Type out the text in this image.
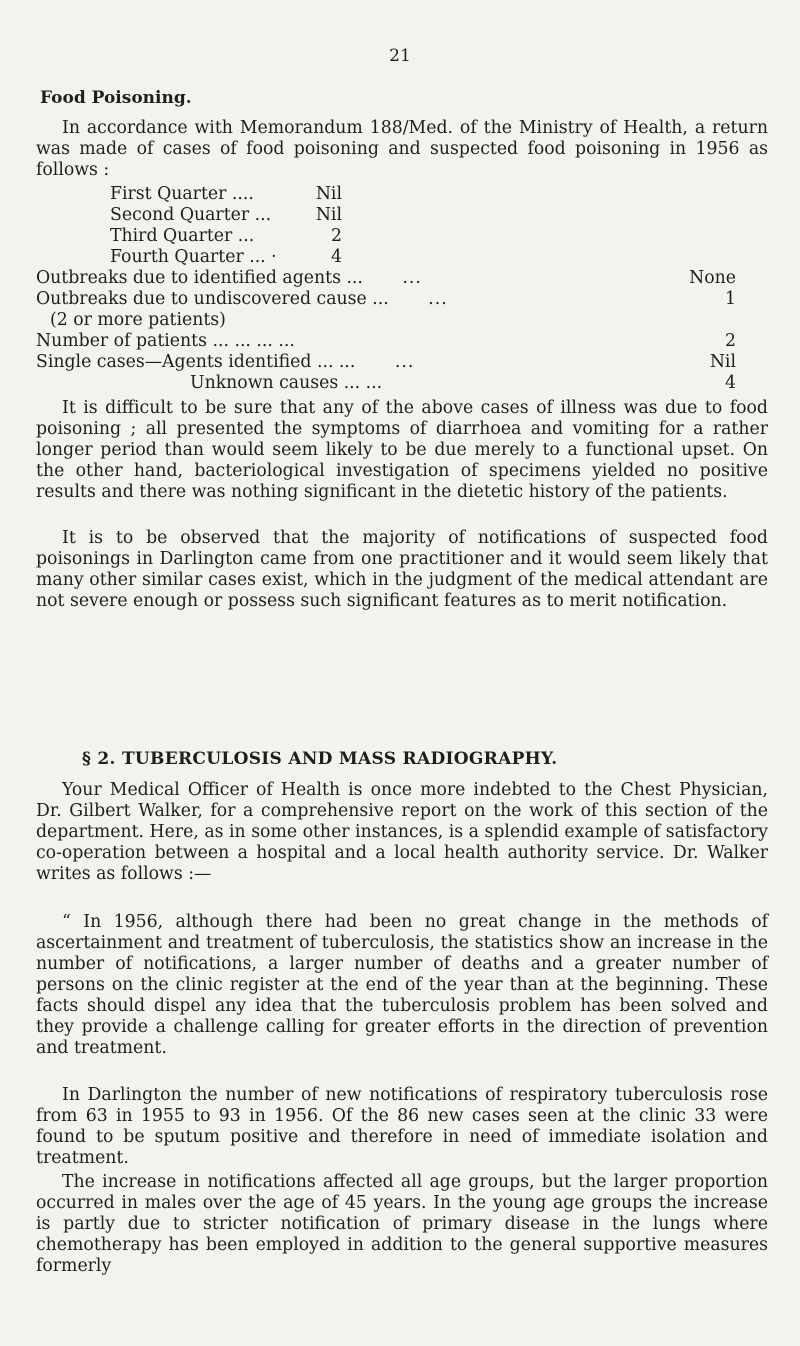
21
Food Poisoning.
In accordance with Memorandum 188/Med. of the Ministry of Health, a return was made of cases of food poisoning and suspected food poisoning in 1956 as follows :
First Quarter ....	Nil
Second Quarter ...	Nil
Third Quarter ...	2
Fourth Quarter ... ·	4
Outbreaks due to identified agents ... ...	None
Outbreaks due to undiscovered cause ... ...	1
(2 or more patients)
Number of patients ... ... ... ...	2
Single cases—Agents identified ... ... ...	Nil
Unknown causes ... ...	4
It is difficult to be sure that any of the above cases of illness was due to food poisoning ; all presented the symptoms of diarrhoea and vomiting for a rather longer period than would seem likely to be due merely to a functional upset. On the other hand, bacteriological investigation of specimens yielded no positive results and there was nothing significant in the dietetic history of the patients.
It is to be observed that the majority of notifications of suspected food poisonings in Darlington came from one practitioner and it would seem likely that many other similar cases exist, which in the judgment of the medical attendant are not severe enough or possess such significant features as to merit notification.
§ 2. TUBERCULOSIS AND MASS RADIOGRAPHY.
Your Medical Officer of Health is once more indebted to the Chest Physician, Dr. Gilbert Walker, for a comprehensive report on the work of this section of the department. Here, as in some other instances, is a splendid example of satisfactory co-operation between a hospital and a local health authority service. Dr. Walker writes as follows :—
“ In 1956, although there had been no great change in the methods of ascertainment and treatment of tuberculosis, the statistics show an increase in the number of notifications, a larger number of deaths and a greater number of persons on the clinic register at the end of the year than at the beginning. These facts should dispel any idea that the tuberculosis problem has been solved and they provide a challenge calling for greater efforts in the direction of prevention and treatment.
In Darlington the number of new notifications of respiratory tuberculosis rose from 63 in 1955 to 93 in 1956. Of the 86 new cases seen at the clinic 33 were found to be sputum positive and therefore in need of immediate isolation and treatment.
The increase in notifications affected all age groups, but the larger proportion occurred in males over the age of 45 years. In the young age groups the increase is partly due to stricter notification of primary disease in the lungs where chemotherapy has been employed in addition to the general supportive measures formerly
